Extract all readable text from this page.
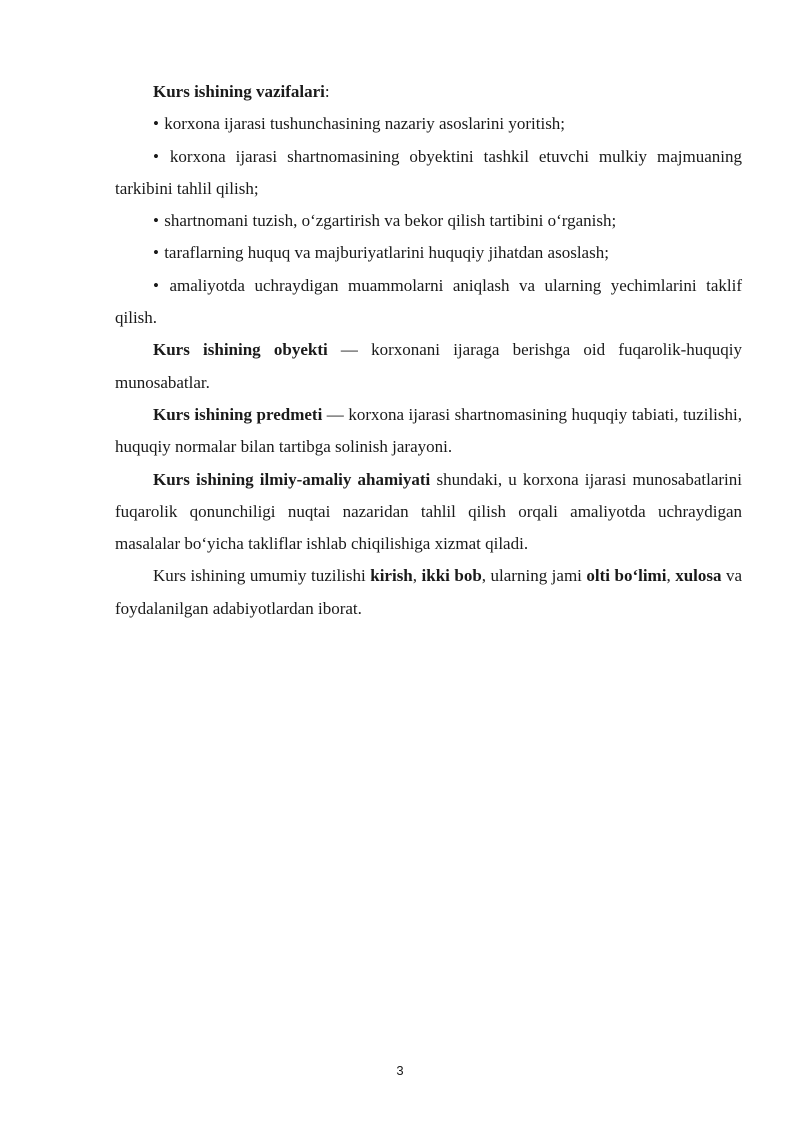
Kurs ishining vazifalari:

• korxona ijarasi tushunchasining nazariy asoslarini yoritish;

• korxona ijarasi shartnomasining obyektini tashkil etuvchi mulkiy majmuaning tarkibini tahlil qilish;

• shartnomani tuzish, o‘zgartirish va bekor qilish tartibini o‘rganish;

• taraflarning huquq va majburiyatlarini huquqiy jihatdan asoslash;

• amaliyotda uchraydigan muammolarni aniqlash va ularning yechimlarini taklif qilish.

Kurs ishining obyekti — korxonani ijaraga berishga oid fuqarolik-huquqiy munosabatlar.

Kurs ishining predmeti — korxona ijarasi shartnomasining huquqiy tabiati, tuzilishi, huquqiy normalar bilan tartibga solinish jarayoni.

Kurs ishining ilmiy-amaliy ahamiyati shundaki, u korxona ijarasi munosabatlarini fuqarolik qonunchiligi nuqtai nazaridan tahlil qilish orqali amaliyotda uchraydigan masalalar bo‘yicha takliflar ishlab chiqilishiga xizmat qiladi.

Kurs ishining umumiy tuzilishi kirish, ikki bob, ularning jami olti bo‘limi, xulosa va foydalanilgan adabiyotlardan iborat.

3
